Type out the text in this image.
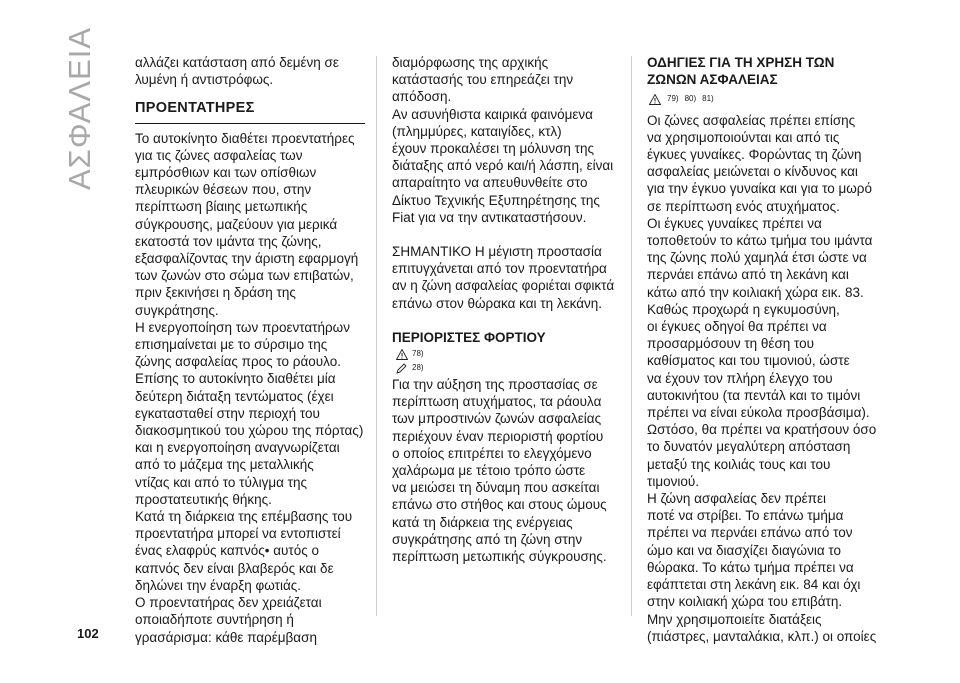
ΑΣΦΑΛΕΙΑ	αλλάζει κατάσταση από δεμένη σε

λυμένη ή αντιστρόφως.

ΠΡΟΕΝΤΑΤΗΡΕΣ

Το αυτοκίνητο διαθέτει προεντατήρες

για τις ζώνες ασφαλείας των

εμπρόσθιων και των οπίσθιων

πλευρικών θέσεων που, στην

περίπτωση βίαιης μετωπικής

σύγκρουσης, μαζεύουν για μερικά

εκατοστά τον ιμάντα της ζώνης,

εξασφαλίζοντας την άριστη εφαρμογή

των ζωνών στο σώμα των επιβατών,

πριν ξεκινήσει η δράση της

συγκράτησης.

Η ενεργοποίηση των προεντατήρων

επισημαίνεται με το σύρσιμο της

ζώνης ασφαλείας προς το ράουλο.

Επίσης το αυτοκίνητο διαθέτει μία

δεύτερη διάταξη τεντώματος (έχει

εγκατασταθεί στην περιοχή του

διακοσμητικού του χώρου της πόρτας)

και η ενεργοποίηση αναγνωρίζεται

από το μάζεμα της μεταλλικής

ντίζας και από το τύλιγμα της

προστατευτικής θήκης.

Κατά τη διάρκεια της επέμβασης του

προεντατήρα μπορεί να εντοπιστεί

ένας ελαφρύς καπνός• αυτός ο

καπνός δεν είναι βλαβερός και δε

δηλώνει την έναρξη φωτιάς.

Ο προεντατήρας δεν χρειάζεται

οποιαδήποτε συντήρηση ή

γρασάρισμα: κάθε παρέμβαση

διαμόρφωσης της αρχικής

κατάστασής του επηρεάζει την

απόδοση.

Αν ασυνήθιστα καιρικά φαινόμενα

(πλημμύρες, καταιγίδες, κτλ)

έχουν προκαλέσει τη μόλυνση της

διάταξης από νερό και/ή λάσπη, είναι

απαραίτητο να απευθυνθείτε στο

Δίκτυο Τεχνικής Εξυπηρέτησης της

Fiat για να την αντικαταστήσουν.

ΣΗΜΑΝΤΙΚΟ Η μέγιστη προστασία

επιτυγχάνεται από τον προεντατήρα

αν η ζώνη ασφαλείας φοριέται σφικτά

επάνω στον θώρακα και τη λεκάνη.

ΠΕΡΙΟΡΙΣΤΕΣ ΦΟΡΤΙΟΥ

78)
28)

Για την αύξηση της προστασίας σε

περίπτωση ατυχήματος, τα ράουλα

των μπροστινών ζωνών ασφαλείας

περιέχουν έναν περιοριστή φορτίου

ο οποίος επιτρέπει το ελεγχόμενο

χαλάρωμα με τέτοιο τρόπο ώστε

να μειώσει τη δύναμη που ασκείται

επάνω στο στήθος και στους ώμους

κατά τη διάρκεια της ενέργειας

συγκράτησης από τη ζώνη στην

περίπτωση μετωπικής σύγκρουσης.

ΟΔΗΓΙΕΣ ΓΙΑ ΤΗ ΧΡΗΣΗ ΤΩΝ

ΖΩΝΩΝ ΑΣΦΑΛΕΙΑΣ

79) 80) 81)

Οι ζώνες ασφαλείας πρέπει επίσης

να χρησιμοποιούνται και από τις

έγκυες γυναίκες. Φορώντας τη ζώνη

ασφαλείας μειώνεται ο κίνδυνος και

για την έγκυο γυναίκα και για το μωρό

σε περίπτωση ενός ατυχήματος.

Οι έγκυες γυναίκες πρέπει να

τοποθετούν το κάτω τμήμα του ιμάντα

της ζώνης πολύ χαμηλά έτσι ώστε να

περνάει επάνω από τη λεκάνη και

κάτω από την κοιλιακή χώρα εικ. 83.

Καθώς προχωρά η εγκυμοσύνη,

οι έγκυες οδηγοί θα πρέπει να

προσαρμόσουν τη θέση του

καθίσματος και του τιμονιού, ώστε

να έχουν τον πλήρη έλεγχο του

αυτοκινήτου (τα πεντάλ και το τιμόνι

πρέπει να είναι εύκολα προσβάσιμα).

Ωστόσο, θα πρέπει να κρατήσουν όσο

το δυνατόν μεγαλύτερη απόσταση

μεταξύ της κοιλιάς τους και του

τιμονιού.

Η ζώνη ασφαλείας δεν πρέπει

ποτέ να στρίβει. Το επάνω τμήμα

πρέπει να περνάει επάνω από τον

ώμο και να διασχίζει διαγώνια το

θώρακα. Το κάτω τμήμα πρέπει να

εφάπτεται στη λεκάνη εικ. 84 και όχι

στην κοιλιακή χώρα του επιβάτη.

Μην χρησιμοποιείτε διατάξεις

(πιάστρες, μανταλάκια, κλπ.) οι οποίες

102
